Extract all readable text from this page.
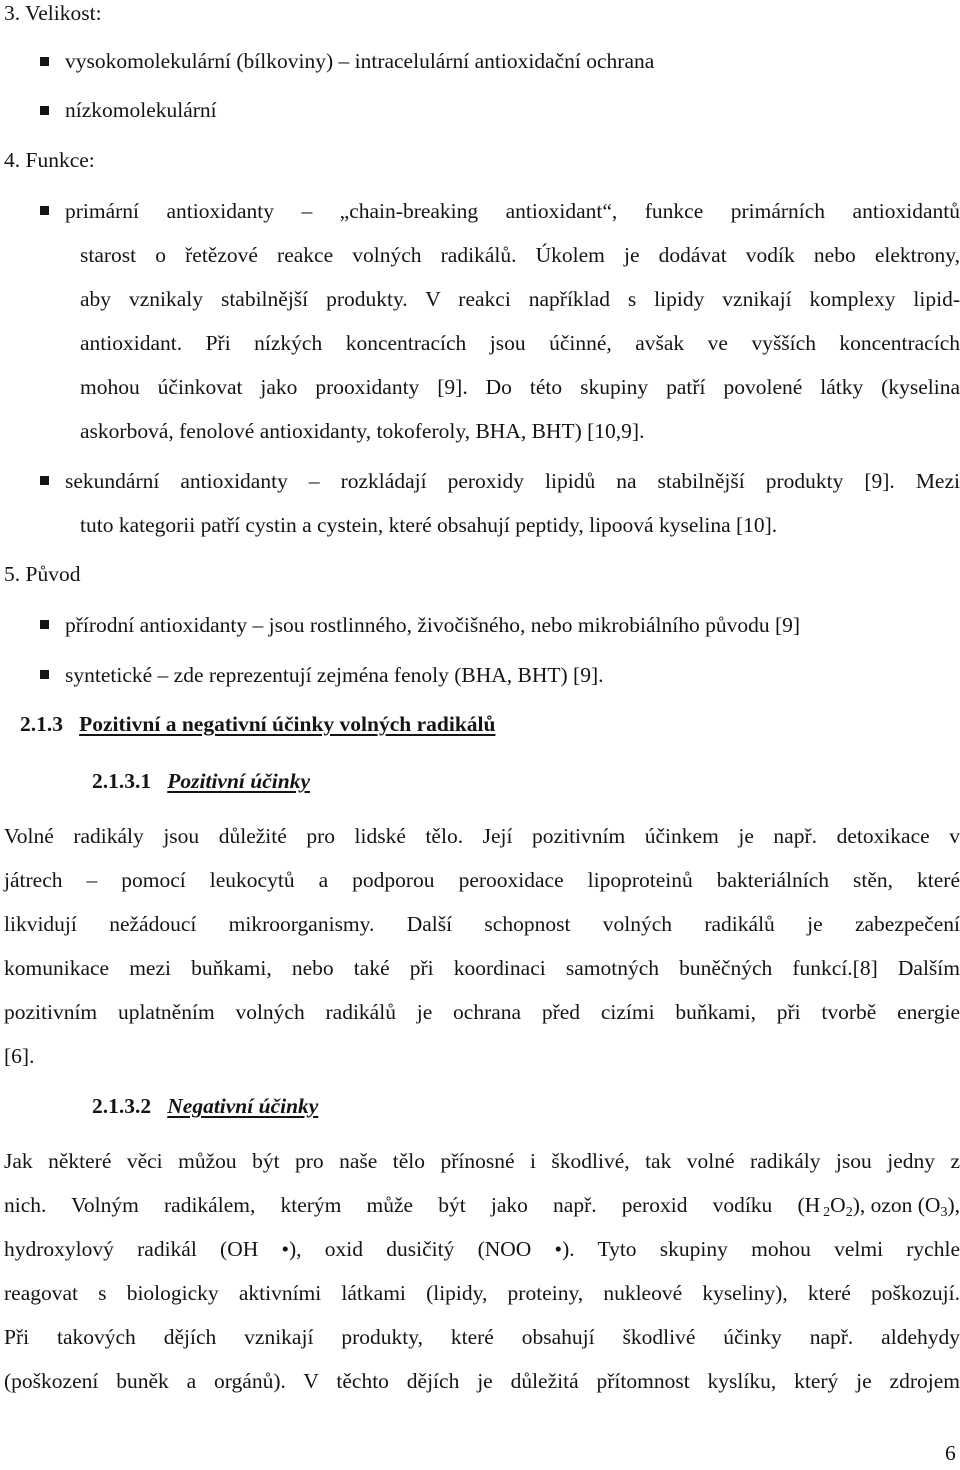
3. Velikost:
vysokomolekulární (bílkoviny) – intracelulární antioxidační ochrana
nízkomolekulární
4. Funkce:
primární antioxidanty – „chain-breaking antioxidant“, funkce primárních antioxidantů
starost o řetězové reakce volných radikálů. Úkolem je dodávat vodík nebo elektrony,
aby vznikaly stabilnější produkty. V reakci například s lipidy vznikají komplexy lipid-
antioxidant. Při nízkých koncentracích jsou účinné, avšak ve vyšších koncentracích
mohou účinkovat jako prooxidanty [9]. Do této skupiny patří povolené látky (kyselina
askorbová, fenolové antioxidanty, tokoferoly, BHA, BHT) [10,9].
sekundární antioxidanty – rozkládají peroxidy lipidů na stabilnější produkty [9]. Mezi
tuto kategorii patří cystin a cystein, které obsahují peptidy, lipoová kyselina [10].
5. Původ
přírodní antioxidanty – jsou rostlinného, živočišného, nebo mikrobiálního původu [9]
syntetické – zde reprezentují zejména fenoly (BHA, BHT) [9].
2.1.3 Pozitivní a negativní účinky volných radikálů
2.1.3.1 Pozitivní účinky
Volné radikály jsou důležité pro lidské tělo. Její pozitivním účinkem je např. detoxikace v
játrech – pomocí leukocytů a podporou perooxidace lipoproteinů bakteriálních stěn, které
likvidují nežádoucí mikroorganismy. Další schopnost volných radikálů je zabezpečení
komunikace mezi buňkami, nebo také při koordinaci samotných buněčných funkcí.[8] Dalším
pozitivním uplatněním volných radikálů je ochrana před cizími buňkami, při tvorbě energie
[6].
2.1.3.2 Negativní účinky
Jak některé věci můžou být pro naše tělo přínosné i škodlivé, tak volné radikály jsou jedny z
nich. Volným radikálem, kterým může být jako např. peroxid vodíku (H $_2O_2$), ozon $(O_3)$,
hydroxylový radikál (OH •), oxid dusičitý (NOO •). Tyto skupiny mohou velmi rychle
reagovat s biologicky aktivními látkami (lipidy, proteiny, nukleové kyseliny), které poškozují.
Při takových dějích vznikají produkty, které obsahují škodlivé účinky např. aldehydy
(poškození buněk a orgánů). V těchto dějích je důležitá přítomnost kyslíku, který je zdrojem
6
